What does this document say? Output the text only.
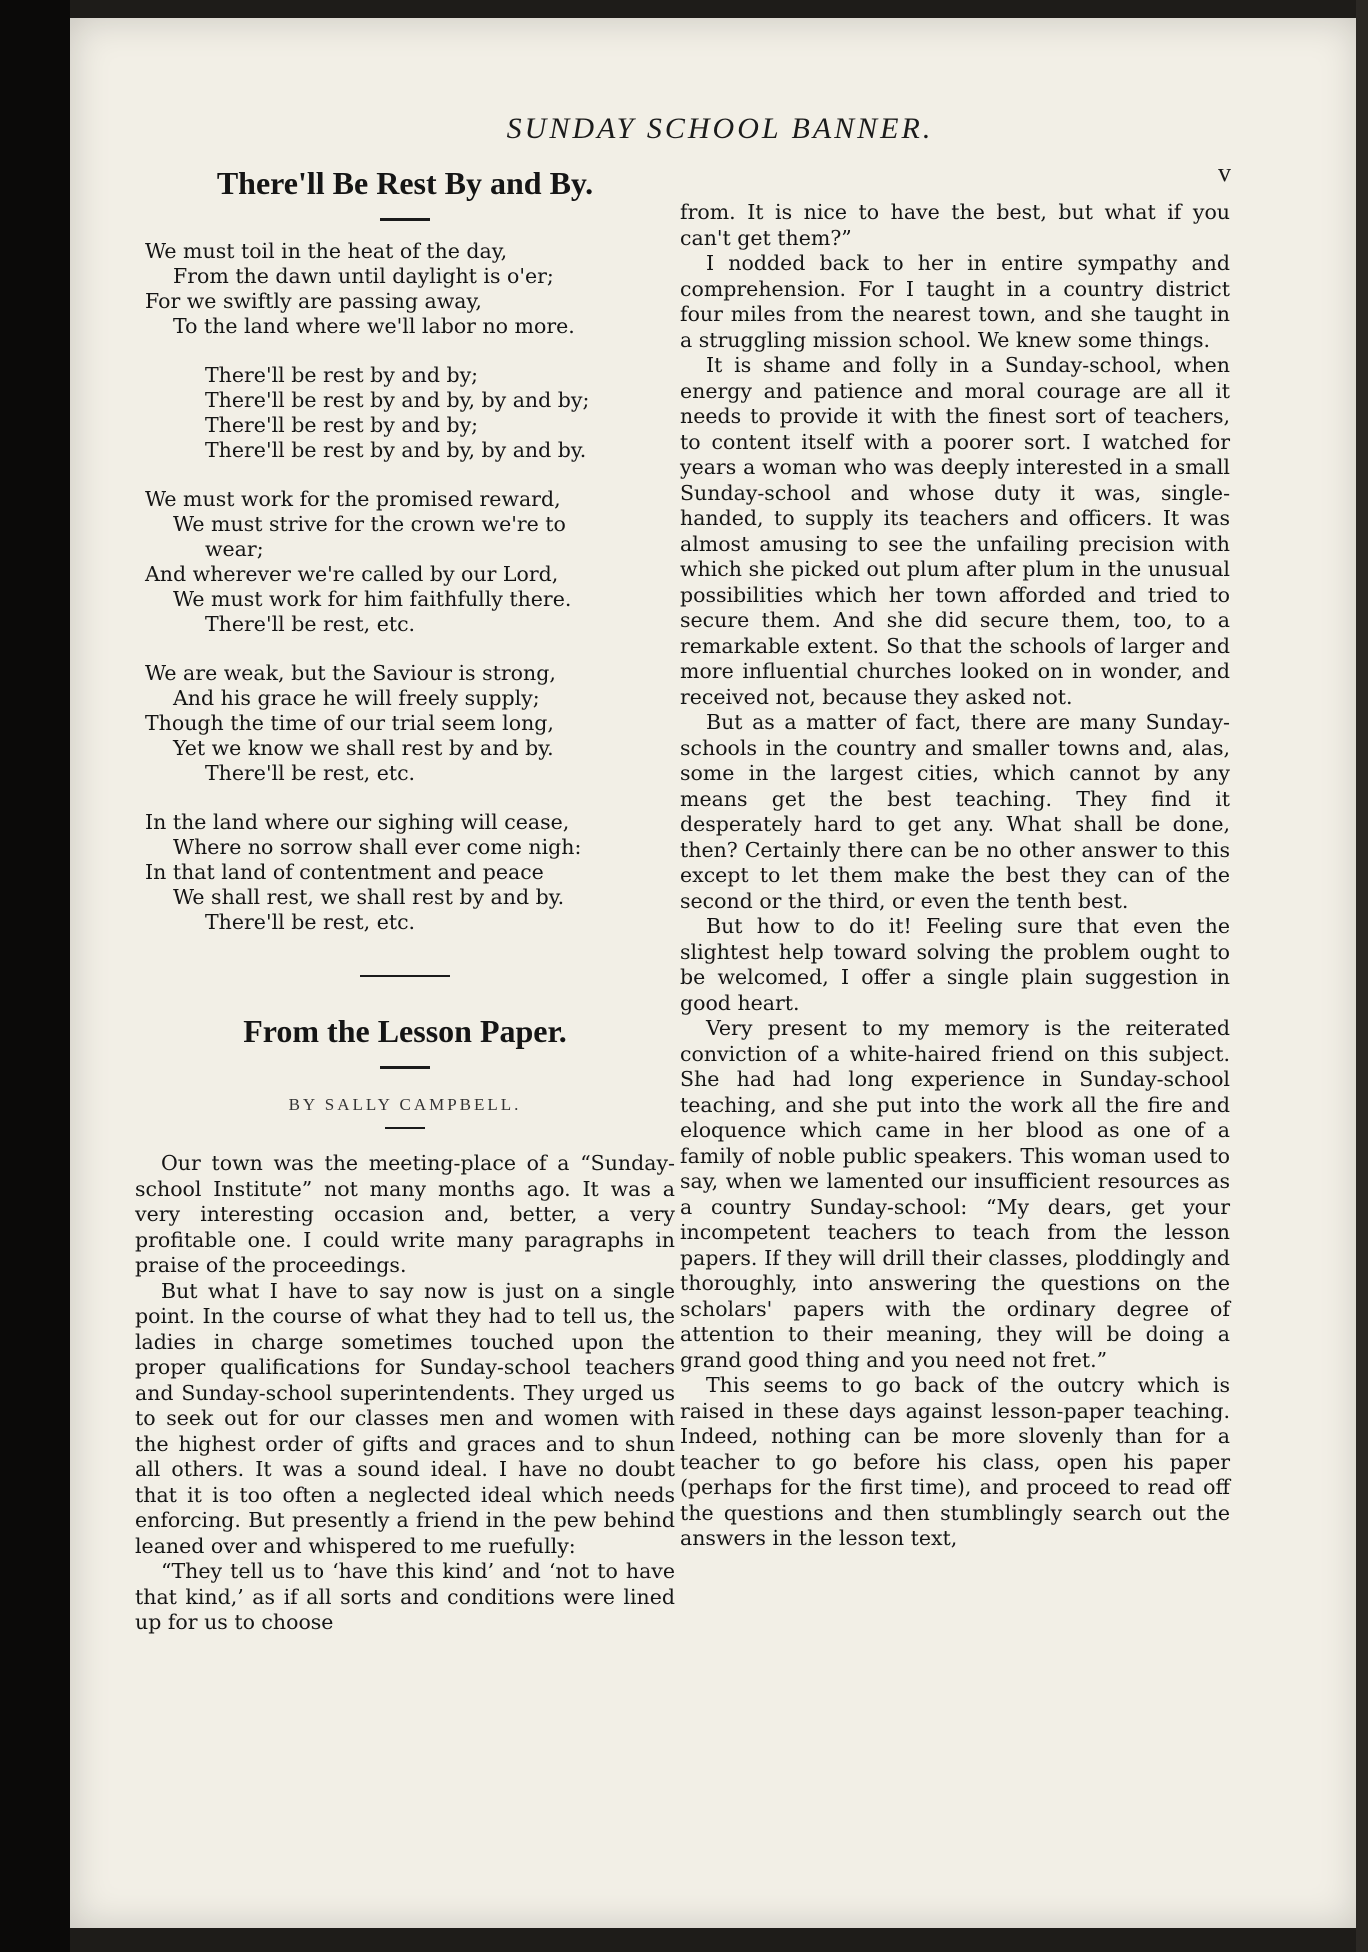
SUNDAY SCHOOL BANNER.
v
There'll Be Rest By and By.
We must toil in the heat of the day,
From the dawn until daylight is o'er;
For we swiftly are passing away,
To the land where we'll labor no more.
There'll be rest by and by;
There'll be rest by and by, by and by;
There'll be rest by and by;
There'll be rest by and by, by and by.
We must work for the promised reward,
We must strive for the crown we're to
wear;
And wherever we're called by our Lord,
We must work for him faithfully there.
There'll be rest, etc.
We are weak, but the Saviour is strong,
And his grace he will freely supply;
Though the time of our trial seem long,
Yet we know we shall rest by and by.
There'll be rest, etc.
In the land where our sighing will cease,
Where no sorrow shall ever come nigh:
In that land of contentment and peace
We shall rest, we shall rest by and by.
There'll be rest, etc.
From the Lesson Paper.
BY SALLY CAMPBELL.

Our town was the meeting-place of a “Sunday-school Institute” not many months ago. It was a very interesting occasion and, better, a very profitable one. I could write many paragraphs in praise of the proceedings.

But what I have to say now is just on a single point. In the course of what they had to tell us, the ladies in charge sometimes touched upon the proper qualifications for Sunday-school teachers and Sunday-school superintendents. They urged us to seek out for our classes men and women with the highest order of gifts and graces and to shun all others. It was a sound ideal. I have no doubt that it is too often a neglected ideal which needs enforcing. But presently a friend in the pew behind leaned over and whispered to me ruefully:

“They tell us to ‘have this kind’ and ‘not to have that kind,’ as if all sorts and conditions were lined up for us to choose

from. It is nice to have the best, but what if you can't get them?”

I nodded back to her in entire sympathy and comprehension. For I taught in a country district four miles from the nearest town, and she taught in a struggling mission school. We knew some things.

It is shame and folly in a Sunday-school, when energy and patience and moral courage are all it needs to provide it with the finest sort of teachers, to content itself with a poorer sort. I watched for years a woman who was deeply interested in a small Sunday-school and whose duty it was, single-handed, to supply its teachers and officers. It was almost amusing to see the unfailing precision with which she picked out plum after plum in the unusual possibilities which her town afforded and tried to secure them. And she did secure them, too, to a remarkable extent. So that the schools of larger and more influential churches looked on in wonder, and received not, because they asked not.

But as a matter of fact, there are many Sunday-schools in the country and smaller towns and, alas, some in the largest cities, which cannot by any means get the best teaching. They find it desperately hard to get any. What shall be done, then? Certainly there can be no other answer to this except to let them make the best they can of the second or the third, or even the tenth best.

But how to do it! Feeling sure that even the slightest help toward solving the problem ought to be welcomed, I offer a single plain suggestion in good heart.

Very present to my memory is the reiterated conviction of a white-haired friend on this subject. She had had long experience in Sunday-school teaching, and she put into the work all the fire and eloquence which came in her blood as one of a family of noble public speakers. This woman used to say, when we lamented our insufficient resources as a country Sunday-school: “My dears, get your incompetent teachers to teach from the lesson papers. If they will drill their classes, ploddingly and thoroughly, into answering the questions on the scholars' papers with the ordinary degree of attention to their meaning, they will be doing a grand good thing and you need not fret.”

This seems to go back of the outcry which is raised in these days against lesson-paper teaching. Indeed, nothing can be more slovenly than for a teacher to go before his class, open his paper (perhaps for the first time), and proceed to read off the questions and then stumblingly search out the answers in the lesson text,
